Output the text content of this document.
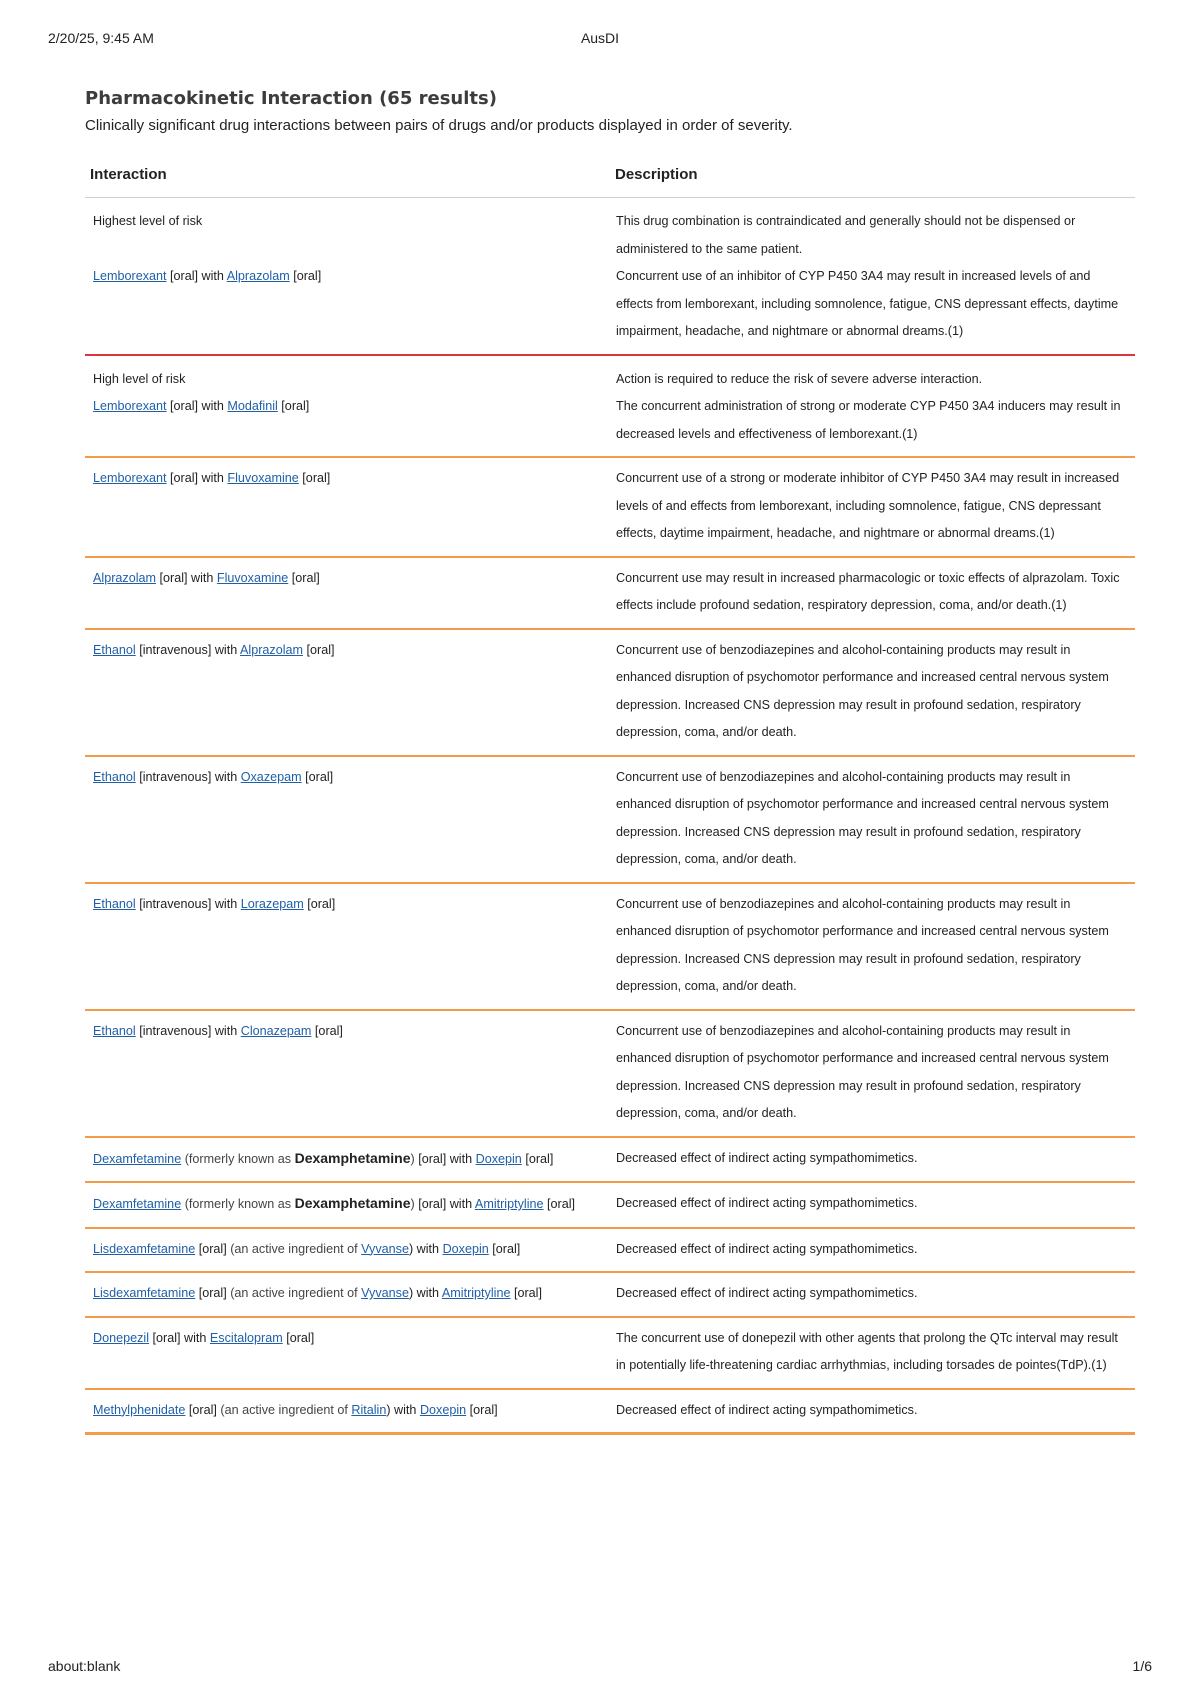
2/20/25, 9:45 AM	AusDI
Pharmacokinetic Interaction (65 results)
Clinically significant drug interactions between pairs of drugs and/or products displayed in order of severity.
Interaction	Description
Highest level of risk	This drug combination is contraindicated and generally should not be dispensed or administered to the same patient.
Lemborexant [oral] with Alprazolam [oral]	Concurrent use of an inhibitor of CYP P450 3A4 may result in increased levels of and effects from lemborexant, including somnolence, fatigue, CNS depressant effects, daytime impairment, headache, and nightmare or abnormal dreams.(1)
High level of risk	Action is required to reduce the risk of severe adverse interaction.
Lemborexant [oral] with Modafinil [oral]	The concurrent administration of strong or moderate CYP P450 3A4 inducers may result in decreased levels and effectiveness of lemborexant.(1)
Lemborexant [oral] with Fluvoxamine [oral]	Concurrent use of a strong or moderate inhibitor of CYP P450 3A4 may result in increased levels of and effects from lemborexant, including somnolence, fatigue, CNS depressant effects, daytime impairment, headache, and nightmare or abnormal dreams.(1)
Alprazolam [oral] with Fluvoxamine [oral]	Concurrent use may result in increased pharmacologic or toxic effects of alprazolam. Toxic effects include profound sedation, respiratory depression, coma, and/or death.(1)
Ethanol [intravenous] with Alprazolam [oral]	Concurrent use of benzodiazepines and alcohol-containing products may result in enhanced disruption of psychomotor performance and increased central nervous system depression. Increased CNS depression may result in profound sedation, respiratory depression, coma, and/or death.
Ethanol [intravenous] with Oxazepam [oral]	Concurrent use of benzodiazepines and alcohol-containing products may result in enhanced disruption of psychomotor performance and increased central nervous system depression. Increased CNS depression may result in profound sedation, respiratory depression, coma, and/or death.
Ethanol [intravenous] with Lorazepam [oral]	Concurrent use of benzodiazepines and alcohol-containing products may result in enhanced disruption of psychomotor performance and increased central nervous system depression. Increased CNS depression may result in profound sedation, respiratory depression, coma, and/or death.
Ethanol [intravenous] with Clonazepam [oral]	Concurrent use of benzodiazepines and alcohol-containing products may result in enhanced disruption of psychomotor performance and increased central nervous system depression. Increased CNS depression may result in profound sedation, respiratory depression, coma, and/or death.
Dexamfetamine (formerly known as Dexamphetamine) [oral] with Doxepin [oral]	Decreased effect of indirect acting sympathomimetics.
Dexamfetamine (formerly known as Dexamphetamine) [oral] with Amitriptyline [oral]	Decreased effect of indirect acting sympathomimetics.
Lisdexamfetamine [oral] (an active ingredient of Vyvanse) with Doxepin [oral]	Decreased effect of indirect acting sympathomimetics.
Lisdexamfetamine [oral] (an active ingredient of Vyvanse) with Amitriptyline [oral]	Decreased effect of indirect acting sympathomimetics.
Donepezil [oral] with Escitalopram [oral]	The concurrent use of donepezil with other agents that prolong the QTc interval may result in potentially life-threatening cardiac arrhythmias, including torsades de pointes(TdP).(1)
Methylphenidate [oral] (an active ingredient of Ritalin) with Doxepin [oral]	Decreased effect of indirect acting sympathomimetics.
about:blank	1/6
